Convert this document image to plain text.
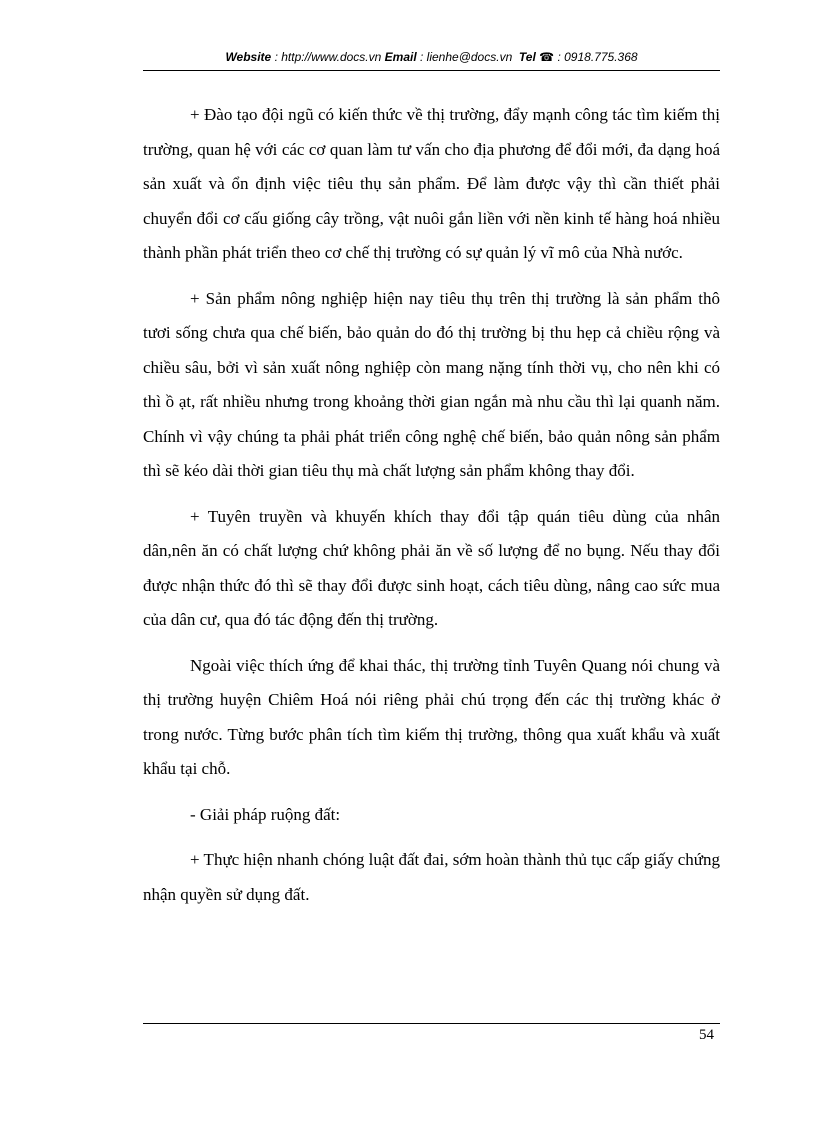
Website : http://www.docs.vn Email : lienhe@docs.vn Tel ☎ : 0918.775.368

+ Đào tạo đội ngũ có kiến thức về thị trường, đẩy mạnh công tác tìm kiếm thị trường, quan hệ với các cơ quan làm tư vấn cho địa phương để đổi mới, đa dạng hoá sản xuất và ổn định việc tiêu thụ sản phẩm. Để làm được vậy thì cần thiết phải chuyển đổi cơ cấu giống cây trồng, vật nuôi gắn liền với nền kinh tế hàng hoá nhiều thành phần phát triển theo cơ chế thị trường có sự quản lý vĩ mô của Nhà nước.

+ Sản phẩm nông nghiệp hiện nay tiêu thụ trên thị trường là sản phẩm thô tươi sống chưa qua chế biến, bảo quản do đó thị trường bị thu hẹp cả chiều rộng và chiều sâu, bởi vì sản xuất nông nghiệp còn mang nặng tính thời vụ, cho nên khi có thì ồ ạt, rất nhiều nhưng trong khoảng thời gian ngắn mà nhu cầu thì lại quanh năm. Chính vì vậy chúng ta phải phát triển công nghệ chế biến, bảo quản nông sản phẩm thì sẽ kéo dài thời gian tiêu thụ mà chất lượng sản phẩm không thay đổi.

+ Tuyên truyền và khuyến khích thay đổi tập quán tiêu dùng của nhân dân,nên ăn có chất lượng chứ không phải ăn về số lượng để no bụng. Nếu thay đổi được nhận thức đó thì sẽ thay đổi được sinh hoạt, cách tiêu dùng, nâng cao sức mua của dân cư, qua đó tác động đến thị trường.

Ngoài việc thích ứng để khai thác, thị trường tỉnh Tuyên Quang nói chung và thị trường huyện Chiêm Hoá nói riêng phải chú trọng đến các thị trường khác ở trong nước. Từng bước phân tích tìm kiếm thị trường, thông qua xuất khẩu và xuất khẩu tại chỗ.

- Giải pháp ruộng đất:

+ Thực hiện nhanh chóng luật đất đai, sớm hoàn thành thủ tục cấp giấy chứng nhận quyền sử dụng đất.

54
